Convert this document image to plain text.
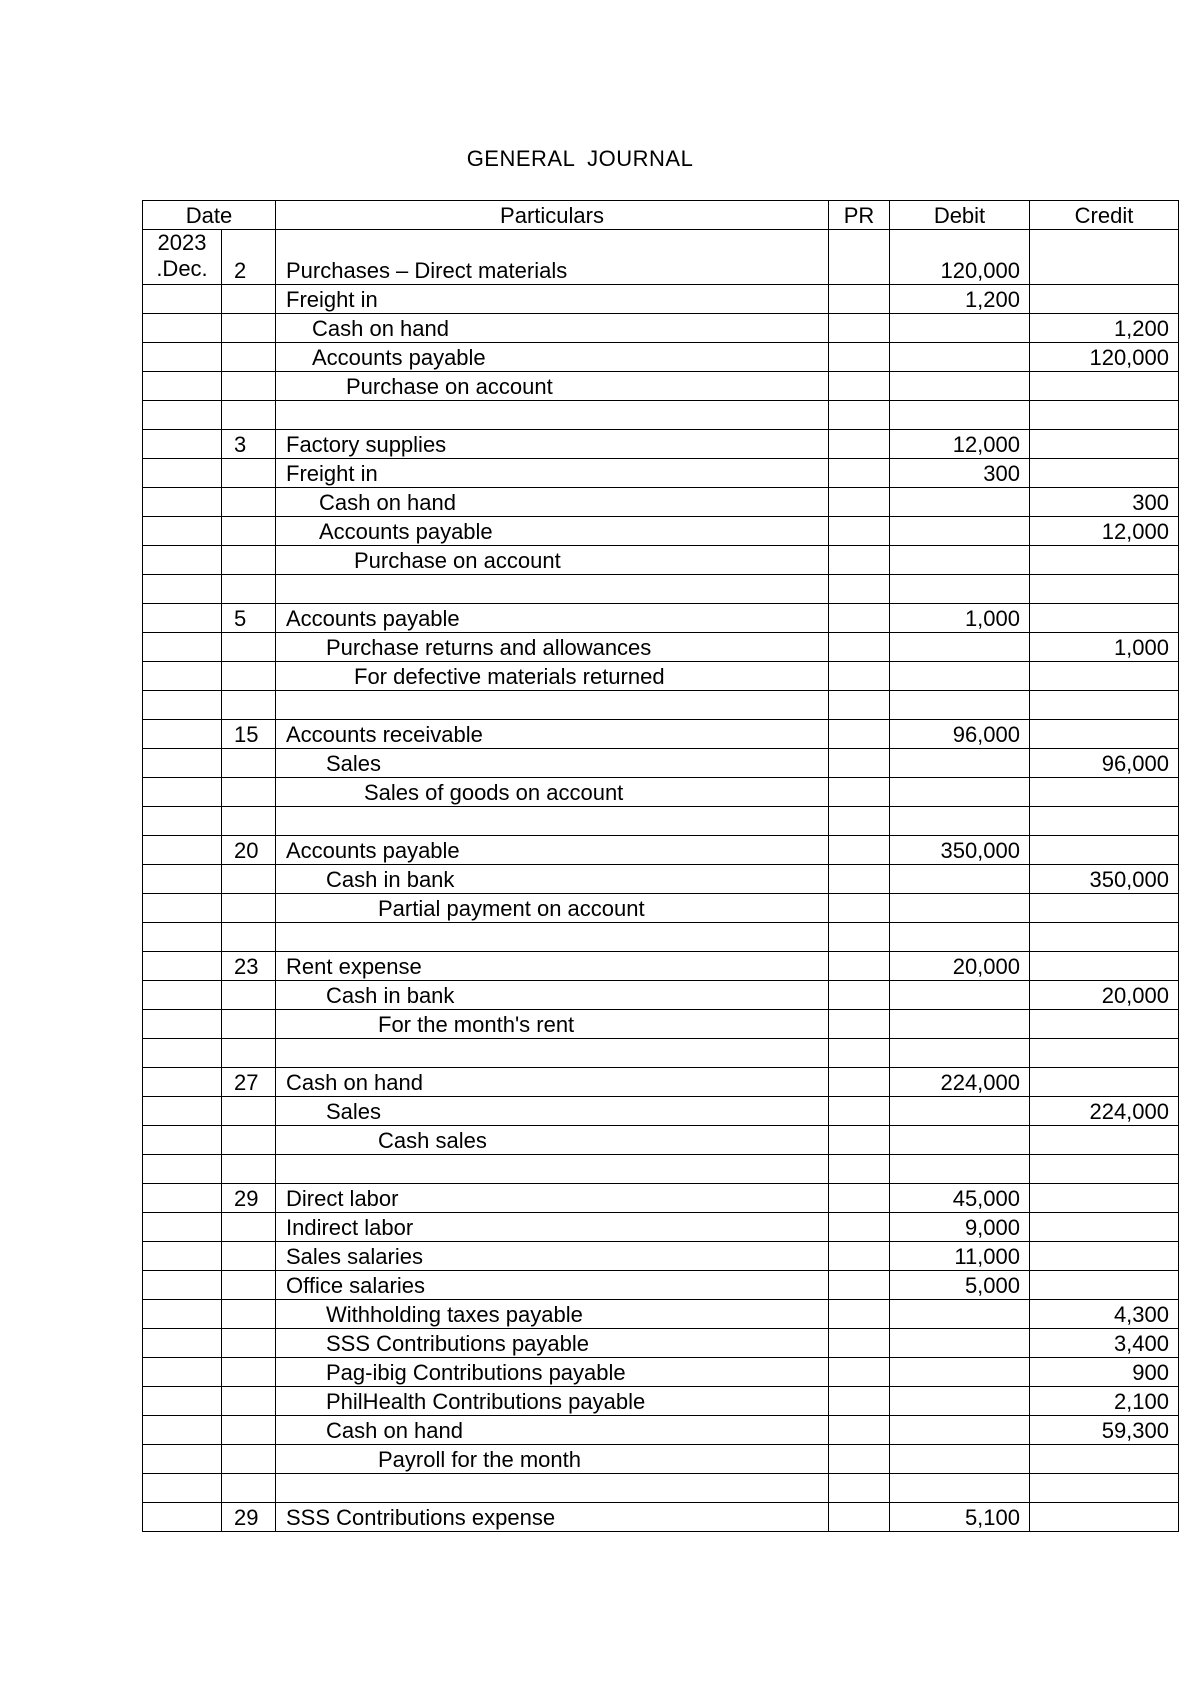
GENERAL JOURNAL
Date		Particulars	PR	Debit	Credit

2023
.Dec.	2	Purchases – Direct materials		120,000	
		Freight in		1,200	
		Cash on hand			1,200
		Accounts payable			120,000
		Purchase on account			

	3	Factory supplies		12,000	
		Freight in		300	
		Cash on hand			300
		Accounts payable			12,000
		Purchase on account			

	5	Accounts payable		1,000	
		Purchase returns and allowances			1,000
		For defective materials returned			

	15	Accounts receivable		96,000	
		Sales			96,000
		Sales of goods on account			

	20	Accounts payable		350,000	
		Cash in bank			350,000
		Partial payment on account			

	23	Rent expense		20,000	
		Cash in bank			20,000
		For the month's rent			

	27	Cash on hand		224,000	
		Sales			224,000
		Cash sales			

	29	Direct labor		45,000	
		Indirect labor		9,000	
		Sales salaries		11,000	
		Office salaries		5,000	
		Withholding taxes payable			4,300
		SSS Contributions payable			3,400
		Pag-ibig Contributions payable			900
		PhilHealth Contributions payable			2,100
		Cash on hand			59,300
		Payroll for the month			

	29	SSS Contributions expense		5,100	
